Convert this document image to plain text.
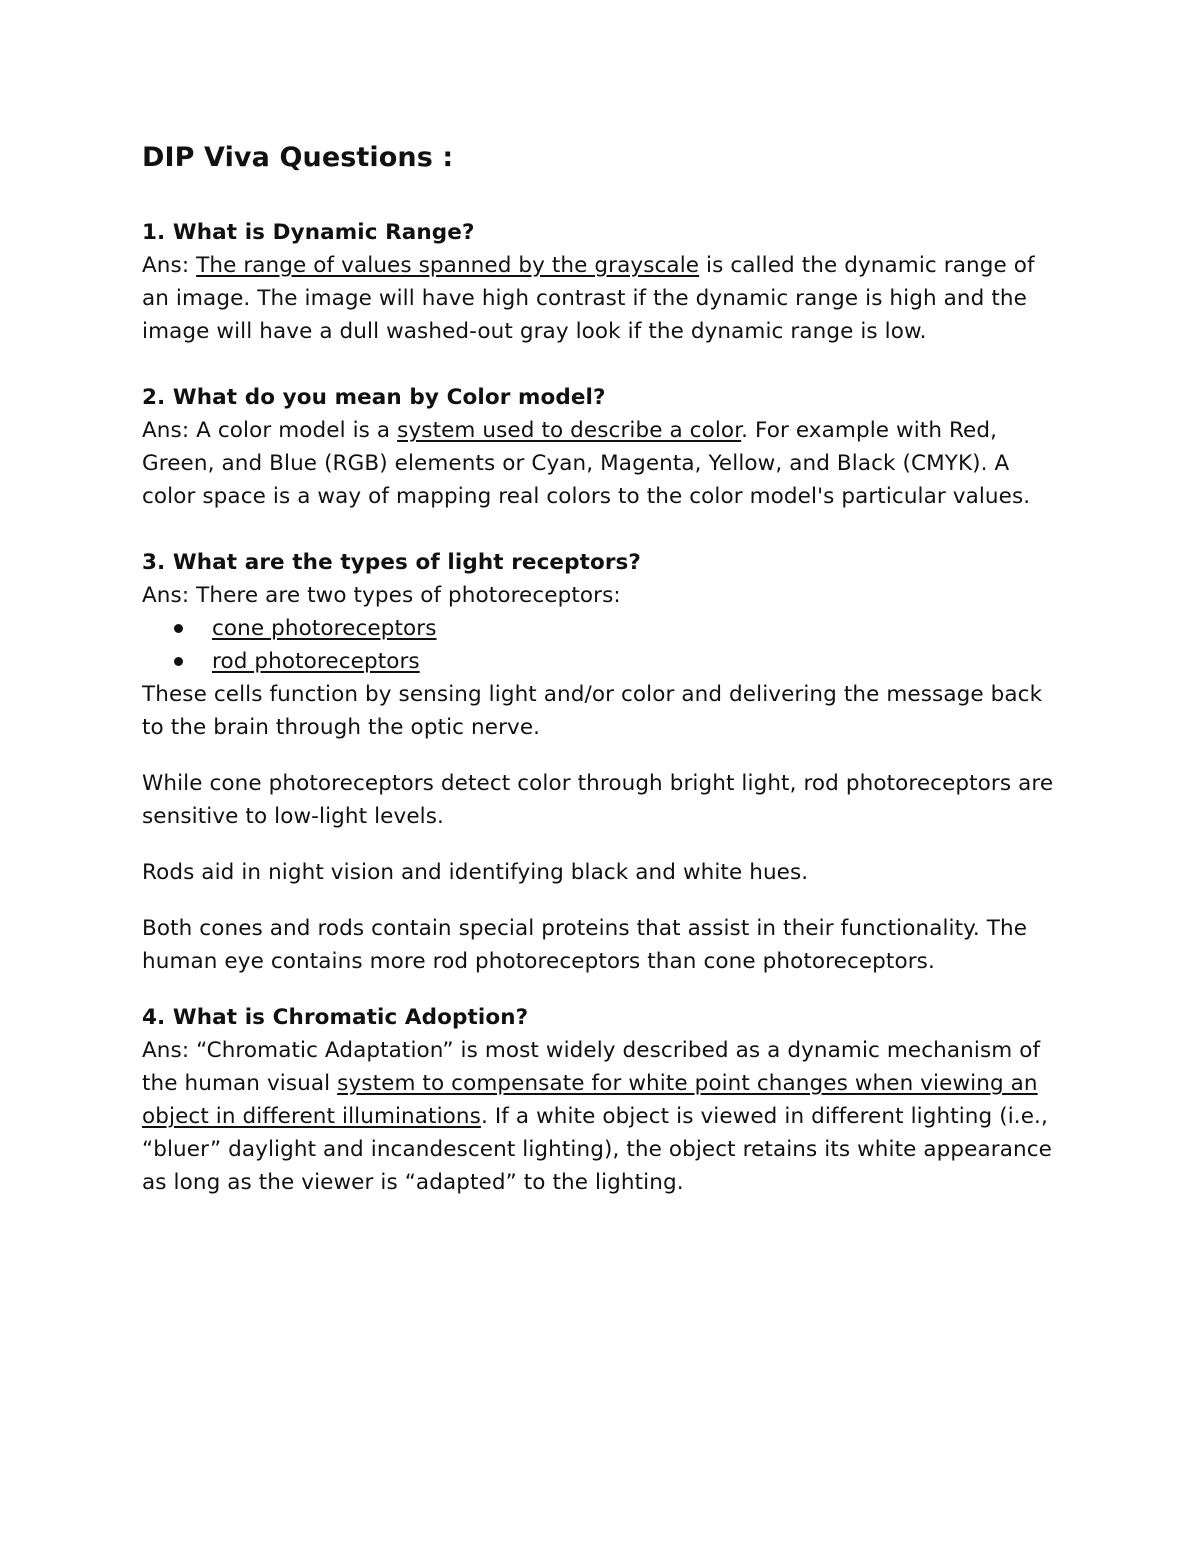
DIP Viva Questions :
1. What is Dynamic Range?
Ans: The range of values spanned by the grayscale is called the dynamic range of an image. The image will have high contrast if the dynamic range is high and the image will have a dull washed-out gray look if the dynamic range is low.
2. What do you mean by Color model?
Ans: A color model is a system used to describe a color. For example with Red, Green, and Blue (RGB) elements or Cyan, Magenta, Yellow, and Black (CMYK). A color space is a way of mapping real colors to the color model's particular values.
3. What are the types of light receptors?
Ans: There are two types of photoreceptors:
cone photoreceptors
rod photoreceptors
These cells function by sensing light and/or color and delivering the message back to the brain through the optic nerve.
While cone photoreceptors detect color through bright light, rod photoreceptors are sensitive to low-light levels.
Rods aid in night vision and identifying black and white hues.
Both cones and rods contain special proteins that assist in their functionality. The human eye contains more rod photoreceptors than cone photoreceptors.
4. What is Chromatic Adoption?
Ans: “Chromatic Adaptation” is most widely described as a dynamic mechanism of the human visual system to compensate for white point changes when viewing an object in different illuminations. If a white object is viewed in different lighting (i.e., “bluer” daylight and incandescent lighting), the object retains its white appearance as long as the viewer is “adapted” to the lighting.
